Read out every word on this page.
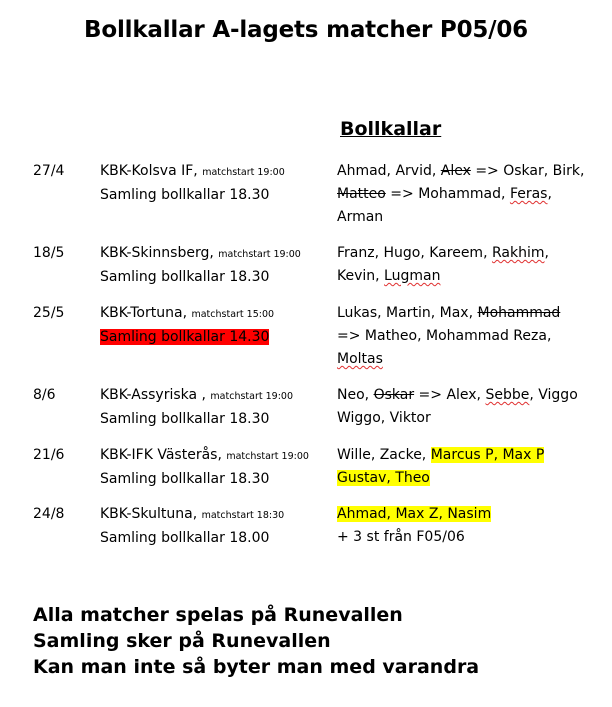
Bollkallar A-lagets matcher P05/06
Bollkallar
27/4	KBK-Kolsva IF, matchstart 19:00
Samling bollkallar 18.30
Ahmad, Arvid, Alex => Oskar, Birk, Matteo => Mohammad, Feras, Arman
18/5	KBK-Skinnsberg, matchstart 19:00
Samling bollkallar 18.30
Franz, Hugo, Kareem, Rakhim, Kevin, Lugman
25/5	KBK-Tortuna, matchstart 15:00
Samling bollkallar 14.30
Lukas, Martin, Max, Mohammad => Matheo, Mohammad Reza, Moltas
8/6	KBK-Assyriska , matchstart 19:00
Samling bollkallar 18.30
Neo, Oskar => Alex, Sebbe, Viggo Wiggo, Viktor
21/6	KBK-IFK Västerås, matchstart 19:00
Samling bollkallar 18.30
Wille, Zacke, Marcus P, Max P Gustav, Theo
24/8	KBK-Skultuna, matchstart 18:30
Samling bollkallar 18.00
Ahmad, Max Z, Nasim
+ 3 st från F05/06
Alla matcher spelas på Runevallen
Samling sker på Runevallen
Kan man inte så byter man med varandra
